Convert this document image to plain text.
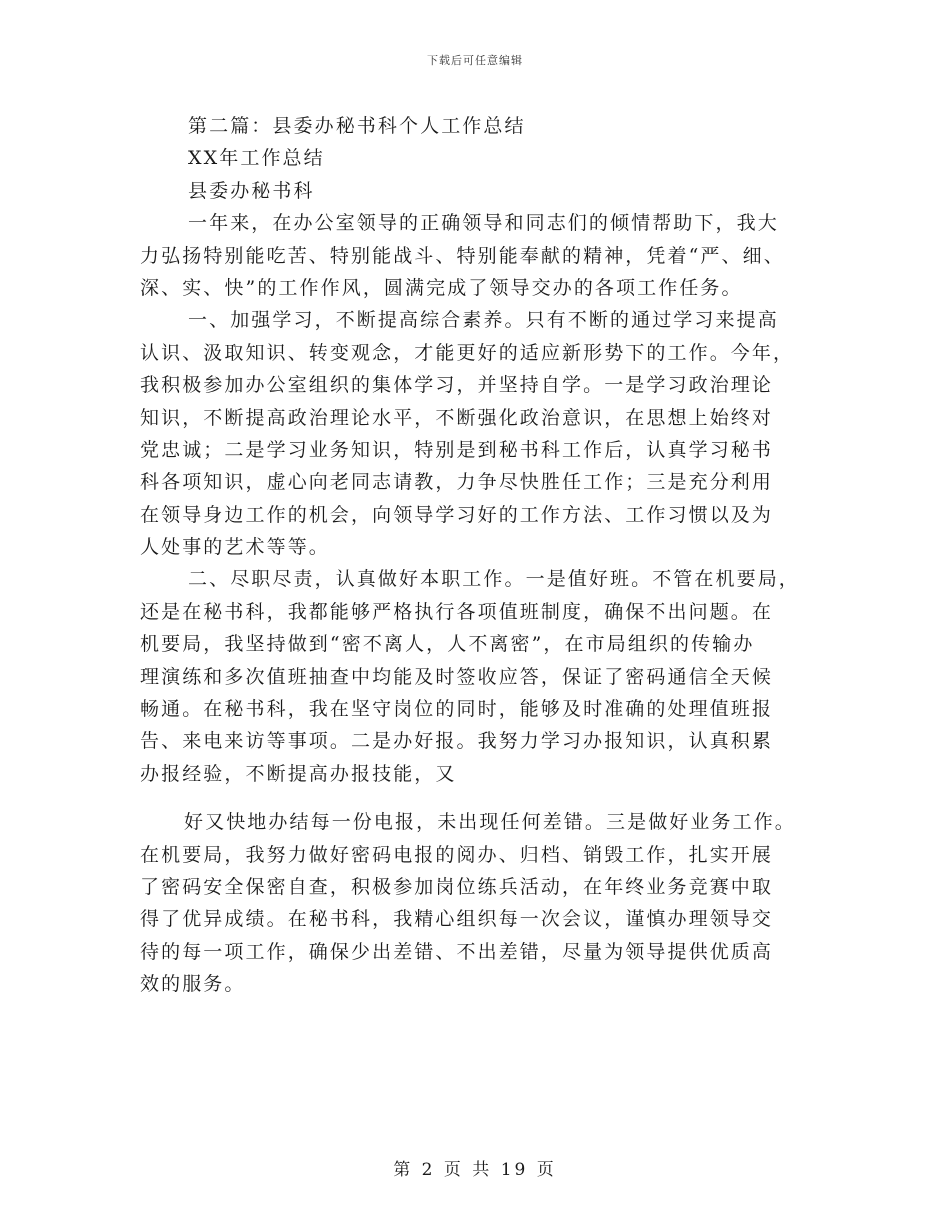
下载后可任意编辑
第二篇：县委办秘书科个人工作总结
XX年工作总结
县委办秘书科
一年来，在办公室领导的正确领导和同志们的倾情帮助下，我大
力弘扬特别能吃苦、特别能战斗、特别能奉献的精神，凭着“严、细、
深、实、快”的工作作风，圆满完成了领导交办的各项工作任务。
一、加强学习，不断提高综合素养。只有不断的通过学习来提高
认识、汲取知识、转变观念，才能更好的适应新形势下的工作。今年，
我积极参加办公室组织的集体学习，并坚持自学。一是学习政治理论
知识，不断提高政治理论水平，不断强化政治意识，在思想上始终对
党忠诚；二是学习业务知识，特别是到秘书科工作后，认真学习秘书
科各项知识，虚心向老同志请教，力争尽快胜任工作；三是充分利用
在领导身边工作的机会，向领导学习好的工作方法、工作习惯以及为
人处事的艺术等等。
二、尽职尽责，认真做好本职工作。一是值好班。不管在机要局，
还是在秘书科，我都能够严格执行各项值班制度，确保不出问题。在
机要局，我坚持做到“密不离人，人不离密”，在市局组织的传输办
理演练和多次值班抽查中均能及时签收应答，保证了密码通信全天候
畅通。在秘书科，我在坚守岗位的同时，能够及时准确的处理值班报
告、来电来访等事项。二是办好报。我努力学习办报知识，认真积累
办报经验，不断提高办报技能，又
好又快地办结每一份电报，未出现任何差错。三是做好业务工作。
在机要局，我努力做好密码电报的阅办、归档、销毁工作，扎实开展
了密码安全保密自查，积极参加岗位练兵活动，在年终业务竞赛中取
得了优异成绩。在秘书科，我精心组织每一次会议，谨慎办理领导交
待的每一项工作，确保少出差错、不出差错，尽量为领导提供优质高
效的服务。
第 2 页 共 19 页
